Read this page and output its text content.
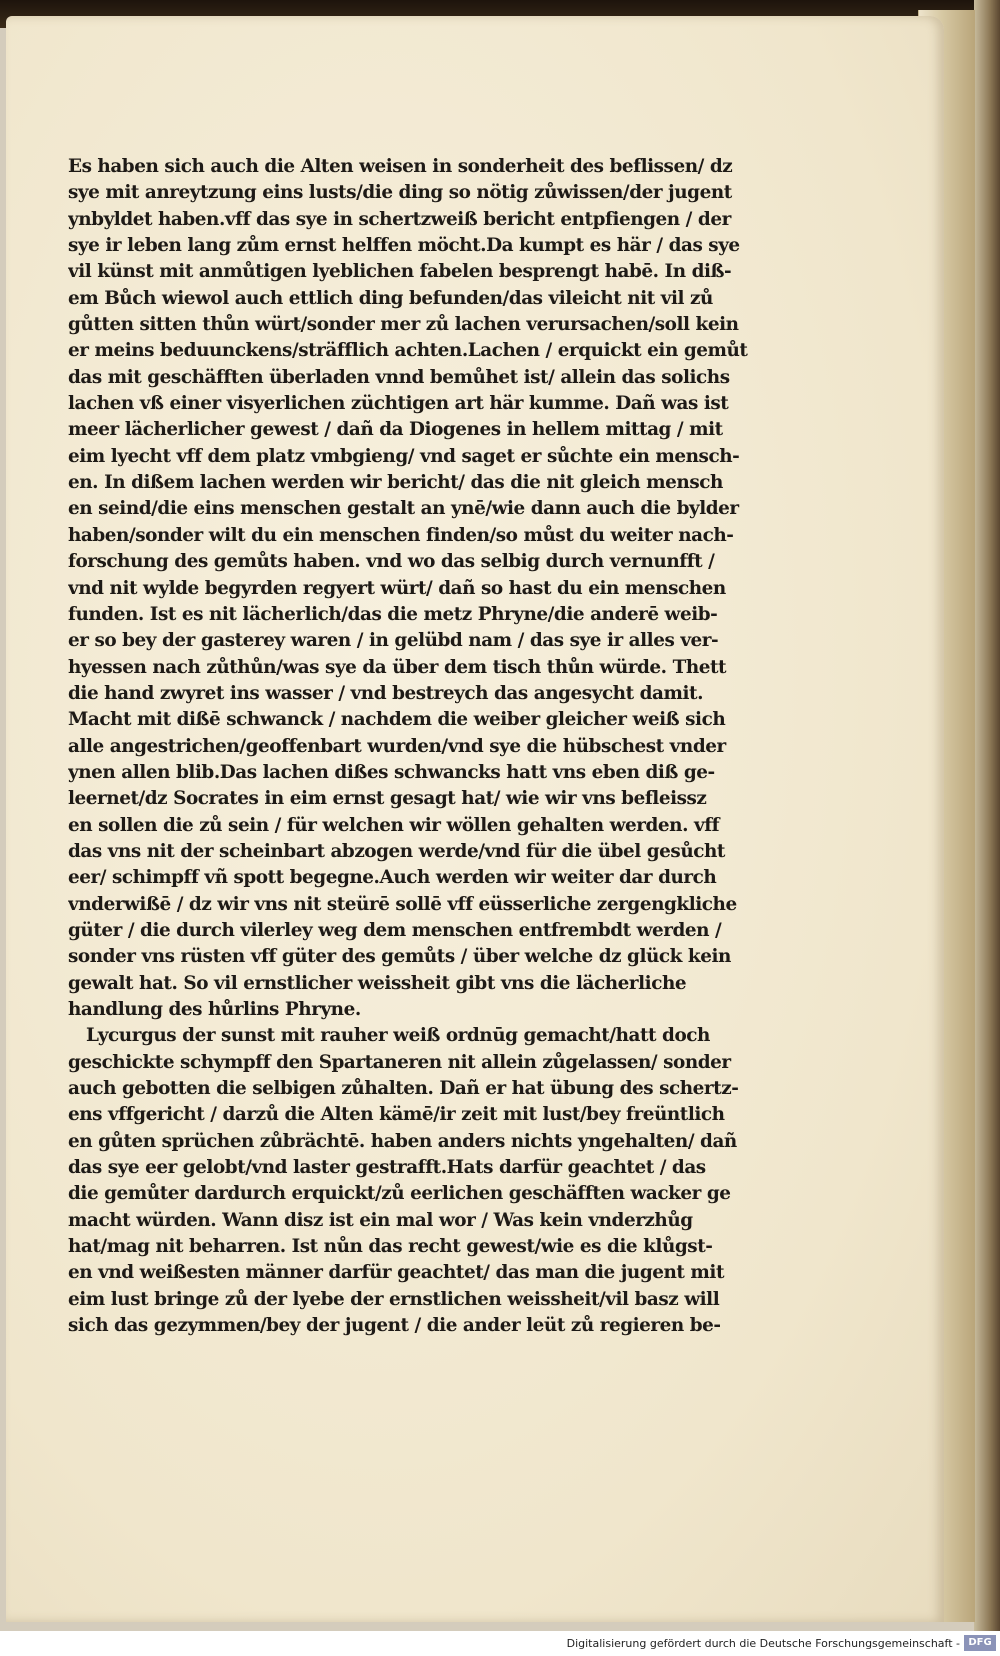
Es haben sich auch die Alten weisen in sonderheit des beflissen/ dz
sye mit anreytzung eins lusts/die ding so nötig zůwissen/der jugent
ynbyldet haben.vff das sye in schertzweiß bericht entpfiengen / der
sye ir leben lang zům ernst helffen möcht.Da kumpt es här / das sye
vil künst mit anmůtigen lyeblichen fabelen besprengt habē. In diß-
em Bůch wiewol auch ettlich ding befunden/das vileicht nit vil zů
gůtten sitten thůn würt/sonder mer zů lachen verursachen/soll kein
er meins beduunckens/sträfflich achten.Lachen / erquickt ein gemůt
das mit geschäfften überladen vnnd bemůhet ist/ allein das solichs
lachen vß einer visyerlichen züchtigen art här kumme. Dañ was ist
meer lächerlicher gewest / dañ da Diogenes in hellem mittag / mit
eim lyecht vff dem platz vmbgieng/ vnd saget er sůchte ein mensch-
en. In dißem lachen werden wir bericht/ das die nit gleich mensch
en seind/die eins menschen gestalt an ynē/wie dann auch die bylder
haben/sonder wilt du ein menschen finden/so můst du weiter nach-
forschung des gemůts haben. vnd wo das selbig durch vernunfft /
vnd nit wylde begyrden regyert würt/ dañ so hast du ein menschen
funden. Ist es nit lächerlich/das die metz Phryne/die anderē weib-
er so bey der gasterey waren / in gelübd nam / das sye ir alles ver-
hyessen nach zůthůn/was sye da über dem tisch thůn würde. Thett
die hand zwyret ins wasser / vnd bestreych das angesycht damit.
Macht mit dißē schwanck / nachdem die weiber gleicher weiß sich
alle angestrichen/geoffenbart wurden/vnd sye die hübschest vnder
ynen allen blib.Das lachen dißes schwancks hatt vns eben diß ge-
leernet/dz Socrates in eim ernst gesagt hat/ wie wir vns befleissz
en sollen die zů sein / für welchen wir wöllen gehalten werden. vff
das vns nit der scheinbart abzogen werde/vnd für die übel gesůcht
eer/ schimpff vñ spott begegne.Auch werden wir weiter dar durch
vnderwißē / dz wir vns nit steürē sollē vff eüsserliche zergengkliche
güter / die durch vilerley weg dem menschen entfrembdt werden /
sonder vns rüsten vff güter des gemůts / über welche dz glück kein
gewalt hat. So vil ernstlicher weissheit gibt vns die lächerliche
handlung des hůrlins Phryne.
Lycurgus der sunst mit rauher weiß ordnūg gemacht/hatt doch
geschickte schympff den Spartaneren nit allein zůgelassen/ sonder
auch gebotten die selbigen zůhalten. Dañ er hat übung des schertz-
ens vffgericht / darzů die Alten kämē/ir zeit mit lust/bey freüntlich
en gůten sprüchen zůbrächtē. haben anders nichts yngehalten/ dañ
das sye eer gelobt/vnd laster gestrafft.Hats darfür geachtet / das
die gemůter dardurch erquickt/zů eerlichen geschäfften wacker ge
macht würden. Wann disz ist ein mal wor / Was kein vnderzhůg
hat/mag nit beharren. Ist nůn das recht gewest/wie es die klůgst-
en vnd weißesten männer darfür geachtet/ das man die jugent mit
eim lust bringe zů der lyebe der ernstlichen weissheit/vil basz will
sich das gezymmen/bey der jugent / die ander leüt zů regieren be-
Digitalisierung gefördert durch die Deutsche Forschungsgemeinschaft - DFG
